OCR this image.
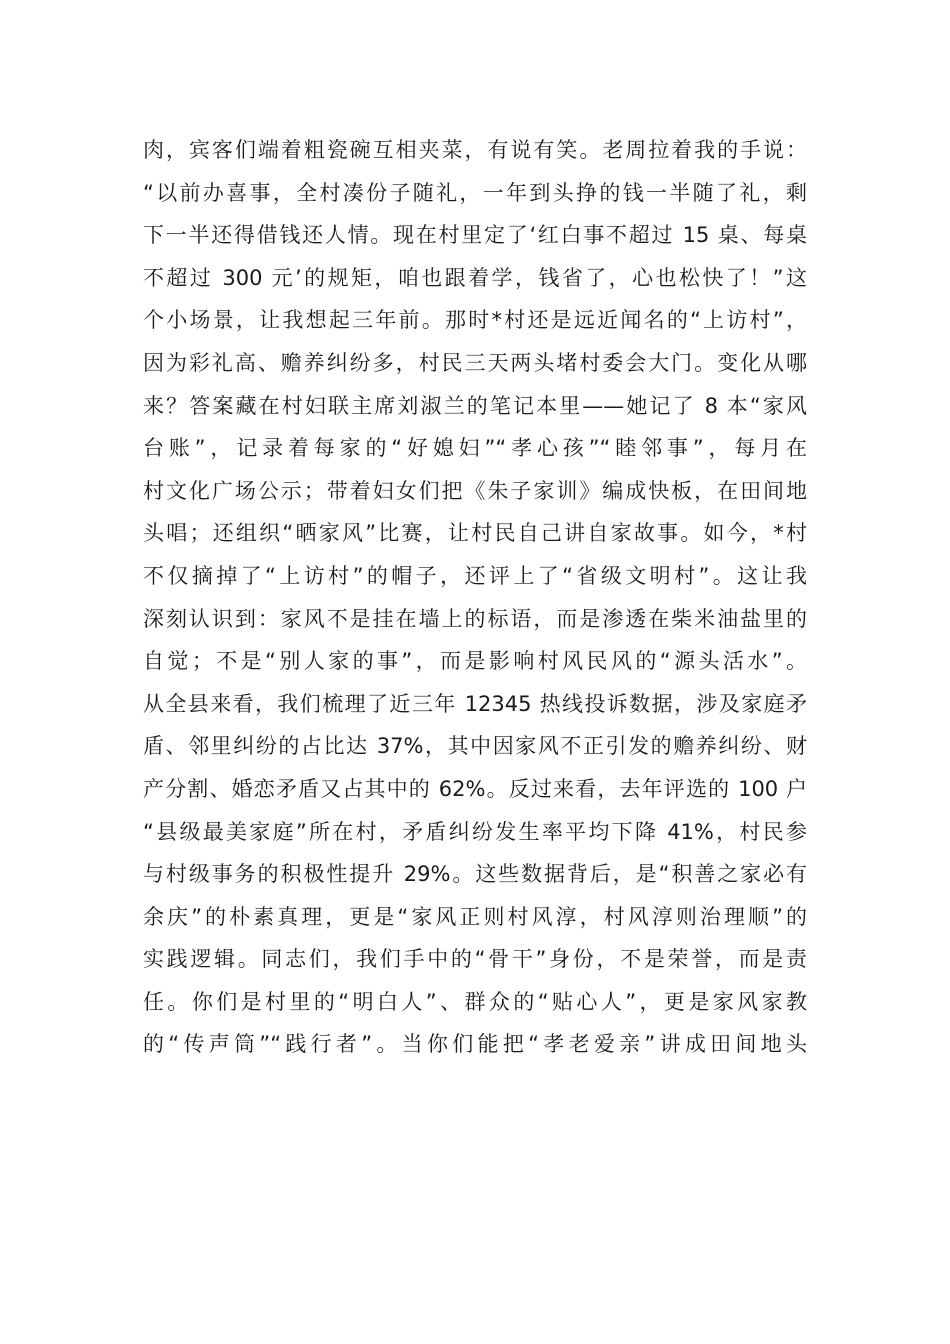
肉，宾客们端着粗瓷碗互相夹菜，有说有笑。老周拉着我的手说：
“以前办喜事，全村凑份子随礼，一年到头挣的钱一半随了礼，剩
下一半还得借钱还人情。现在村里定了‘红白事不超过 15 桌、每桌
不超过 300 元’的规矩，咱也跟着学，钱省了，心也松快了！”这
个小场景，让我想起三年前。那时*村还是远近闻名的“上访村”，
因为彩礼高、赡养纠纷多，村民三天两头堵村委会大门。变化从哪
来？答案藏在村妇联主席刘淑兰的笔记本里——她记了 8 本“家风
台账”，记录着每家的“好媳妇”“孝心孩”“睦邻事”，每月在
村文化广场公示；带着妇女们把《朱子家训》编成快板，在田间地
头唱；还组织“晒家风”比赛，让村民自己讲自家故事。如今，*村
不仅摘掉了“上访村”的帽子，还评上了“省级文明村”。这让我
深刻认识到：家风不是挂在墙上的标语，而是渗透在柴米油盐里的
自觉；不是“别人家的事”，而是影响村风民风的“源头活水”。
从全县来看，我们梳理了近三年 12345 热线投诉数据，涉及家庭矛
盾、邻里纠纷的占比达 37%，其中因家风不正引发的赡养纠纷、财
产分割、婚恋矛盾又占其中的 62%。反过来看，去年评选的 100 户
“县级最美家庭”所在村，矛盾纠纷发生率平均下降 41%，村民参
与村级事务的积极性提升 29%。这些数据背后，是“积善之家必有
余庆”的朴素真理，更是“家风正则村风淳，村风淳则治理顺”的
实践逻辑。同志们，我们手中的“骨干”身份，不是荣誉，而是责
任。你们是村里的“明白人”、群众的“贴心人”，更是家风家教
的“传声筒”“践行者”。当你们能把“孝老爱亲”讲成田间地头
